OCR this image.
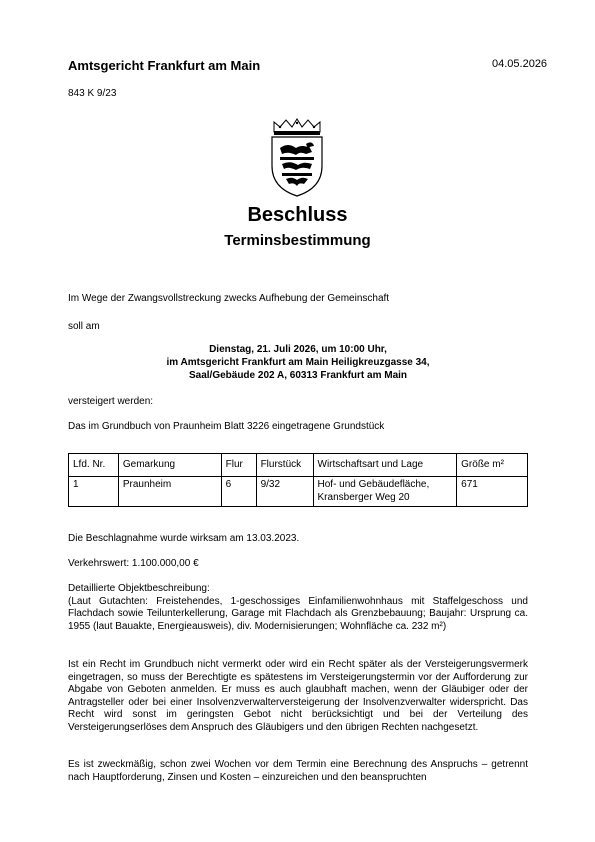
Amtsgericht Frankfurt am Main	04.05.2026
843 K 9/23
Beschluss
Terminsbestimmung
Im Wege der Zwangsvollstreckung zwecks Aufhebung der Gemeinschaft
soll am
Dienstag, 21. Juli 2026, um 10:00 Uhr,
im Amtsgericht Frankfurt am Main Heiligkreuzgasse 34,
Saal/Gebäude 202 A, 60313 Frankfurt am Main
versteigert werden:
Das im Grundbuch von Praunheim Blatt 3226 eingetragene Grundstück
Lfd. Nr.	Gemarkung	Flur	Flurstück	Wirtschaftsart und Lage	Größe m²
1	Praunheim	6	9/32	Hof- und Gebäudefläche, Kransberger Weg 20	671
Die Beschlagnahme wurde wirksam am 13.03.2023.
Verkehrswert: 1.100.000,00 €
Detaillierte Objektbeschreibung:
(Laut Gutachten: Freistehendes, 1-geschossiges Einfamilienwohnhaus mit Staffelgeschoss und Flachdach sowie Teilunterkellerung, Garage mit Flachdach als Grenzbebauung; Baujahr: Ursprung ca. 1955 (laut Bauakte, Energieausweis), div. Modernisierungen; Wohnfläche ca. 232 m²)
Ist ein Recht im Grundbuch nicht vermerkt oder wird ein Recht später als der Versteigerungsvermerk eingetragen, so muss der Berechtigte es spätestens im Versteigerungstermin vor der Aufforderung zur Abgabe von Geboten anmelden. Er muss es auch glaubhaft machen, wenn der Gläubiger oder der Antragsteller oder bei einer Insolvenzverwalterversteigerung der Insolvenzverwalter widerspricht. Das Recht wird sonst im geringsten Gebot nicht berücksichtigt und bei der Verteilung des Versteigerungserlöses dem Anspruch des Gläubigers und den übrigen Rechten nachgesetzt.
Es ist zweckmäßig, schon zwei Wochen vor dem Termin eine Berechnung des Anspruchs – getrennt nach Hauptforderung, Zinsen und Kosten – einzureichen und den beanspruchten
